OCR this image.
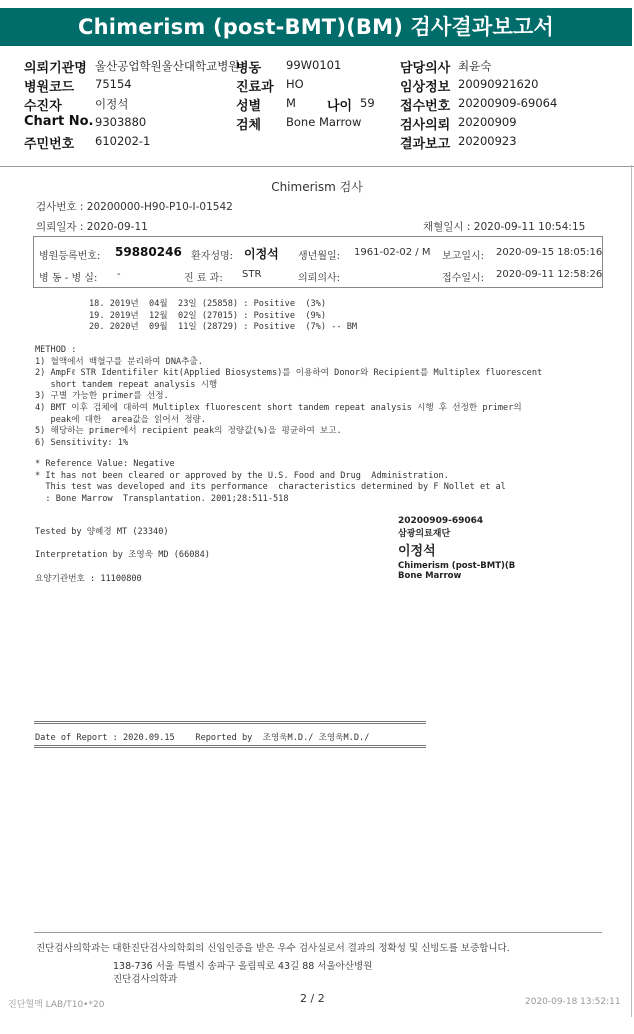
Chimerism (post-BMT)(BM) 검사결과보고서
의뢰기관명 울산공업학원울산대학교병원
병원코드 75154
수진자	이정석
Chart No. 9303880
주민번호 610202-1
병동 99W0101
진료과 HO
성별 M 나이 59
검체 Bone Marrow
담당의사 최윤숙
임상정보 20090921620
접수번호 20200909-69064
검사의뢰 20200909
결과보고 20200923
Chimerism 검사
검사번호 : 20200000-H90-P10-I-01542
의뢰일자 : 2020-09-11	채혈일시 : 2020-09-11 10:54:15
병원등록번호: 59880246 환자성명: 이정석 생년월일: 1961-02-02 / M 보고일시: 2020-09-15 18:05:16
병 동 - 병 실: -	진 료 과: STR	의뢰의사:	접수일시: 2020-09-11 12:58:26
18. 2019년  04월  23일 (25858) : Positive  (3%)
19. 2019년  12월  02일 (27015) : Positive  (9%)
20. 2020년  09월  11일 (28729) : Positive  (7%) -- BM
METHOD :
1) 혈액에서 백혈구를 분리하여 DNA추출.
2) AmpFℓ STR Identifiler kit(Applied Biosystems)를 이용하여 Donor와 Recipient를 Multiplex fluorescent
short tandem repeat analysis 시행
3) 구별 가능한 primer를 선정.
4) BMT 이후 검체에 대하여 Multiplex fluorescent short tandem repeat analysis 시행 후 선정한 primer의
peak에 대한  area값을 읽어서 정량.
5) 해당하는 primer에서 recipient peak의 정량값(%)을 평균하여 보고.
6) Sensitivity: 1%
* Reference Value: Negative
* It has not been cleared or approved by the U.S. Food and Drug  Administration.
This test was developed and its performance  characteristics determined by F Nollet et al
: Bone Marrow  Transplantation. 2001;28:511-518
Tested by 양혜경 MT (23340)
Interpretation by 조영욱 MD (66084)
요양기관번호 : 11100800
20200909-69064
삼광의료재단
이정석
Chimerism (post-BMT)(B
Bone Marrow
Date of Report : 2020.09.15    Reported by  조영욱M.D./ 조영욱M.D./
진단검사의학과는 대한진단검사의학회의 신임인증을 받은 우수 검사실로서 결과의 정확성 및 신빙도를 보증합니다.
138-736 서울 특별시 송파구 올림픽로 43길 88 서울아산병원
진단검사의학과
2 / 2
진단혈액 LAB/T10•*20	2020-09-18 13:52:11
